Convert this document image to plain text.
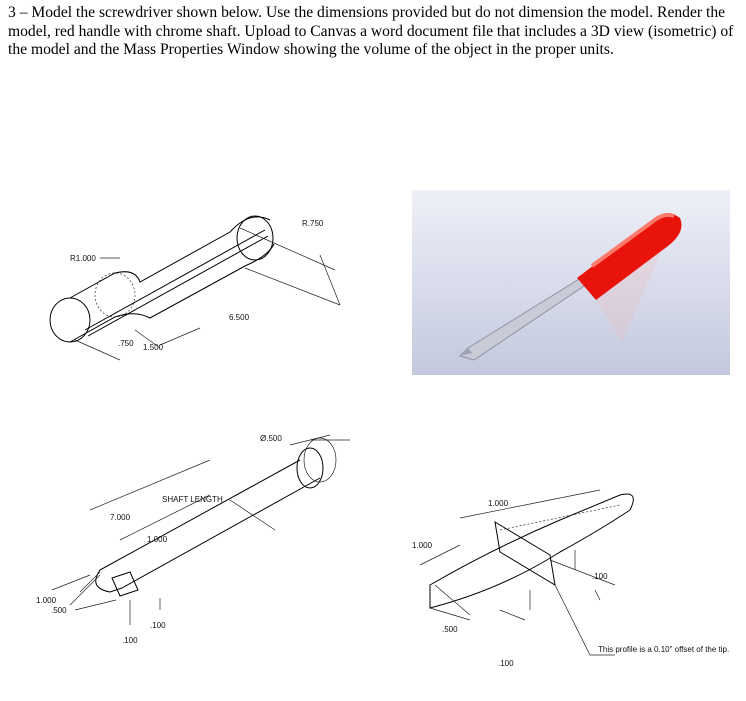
3 – Model the screwdriver shown below. Use the dimensions provided but do not dimension the model. Render the model, red handle with chrome shaft. Upload to Canvas a word document file that includes a 3D view (isometric) of the model and the Mass Properties Window showing the volume of the object in the proper units.
R1.000
R.750
6.500
.750 1.500
Ø.500
SHAFT LENGTH
7.000
1.000
1.000
.500
.100
.100
1.000
1.000
.500
.100
.100
This profile is a 0.10" offset of the tip.
